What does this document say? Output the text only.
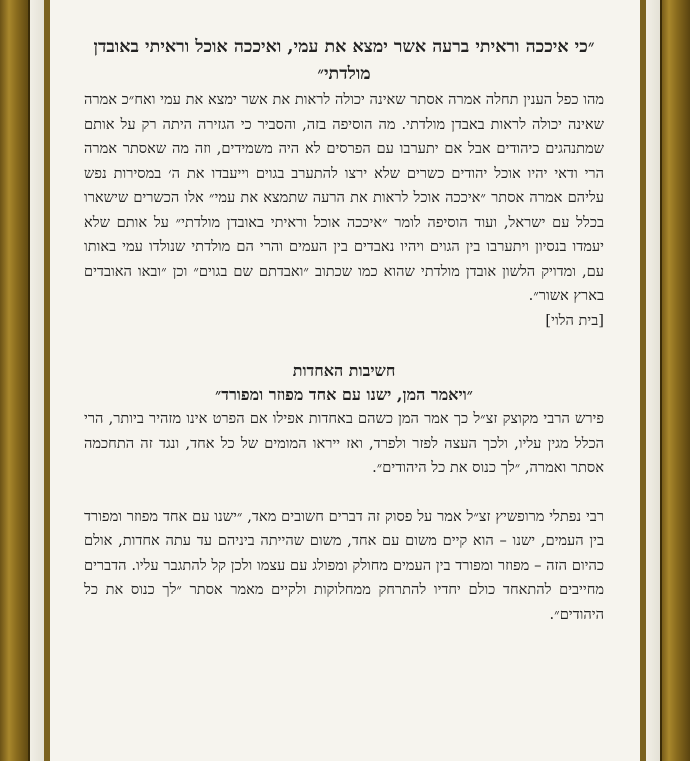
״כי איככה וראיתי ברעה אשר ימצא את עמי, ואיככה אוכל וראיתי באובדן מולדתי״

מהו כפל הענין תחלה אמרה אסתר שאינה יכולה לראות את אשר ימצא את עמי ואח״כ אמרה שאינה יכולה לראות באבדן מולדתי. מה הוסיפה בזה, והסביר כי הגזירה היתה רק על אותם שמתנהגים כיהודים אבל אם יתערבו עם הפרסים לא היה משמידים, וזה מה שאסתר אמרה הרי ודאי יהיו אוכל יהודים כשרים שלא ירצו להתערב בגוים וייעבדו את ה׳ במסירות נפש עליהם אמרה אסתר ״איככה אוכל לראות את הרעה שתמצא את עמי״ אלו הכשרים שישארו בכלל עם ישראל, ועוד הוסיפה לומר ״איככה אוכל וראיתי באובדן מולדתי״ על אותם שלא יעמדו בנסיון ויתערבו בין הגוים ויהיו נאבדים בין העמים והרי הם מולדתי שנולדו עמי באותו עם, ומדויק הלשון אובדן מולדתי שהוא כמו שכתוב ״ואבדתם שם בגוים״ וכן ״ובאו האובדים בארץ אשור״.

[בית הלוי]

חשיבות האחדות
״ויאמר המן, ישנו עם אחד מפוזר ומפורד״

פירש הרבי מקוצק זצ״ל כך אמר המן כשהם באחדות אפילו אם הפרט אינו מזהיר ביותר, הרי הכלל מגין עליו, ולכך העצה לפזר ולפרד, ואז ייראו המומים של כל אחד, ונגד זה התחכמה אסתר ואמרה, ״לך כנוס את כל היהודים״.

רבי נפתלי מרופשיץ זצ״ל אמר על פסוק זה דברים חשובים מאד, ״ישנו עם אחד מפוזר ומפורד בין העמים, ישנו – הוא קיים משום עם אחד, משום שהייתה ביניהם עד עתה אחדות, אולם כהיום הזה – מפוזר ומפורד בין העמים מחולק ומפולג עם עצמו ולכן קל להתגבר עליו. הדברים מחייבים להתאחד כולם יחדיו להתרחק ממחלוקות ולקיים מאמר אסתר ״לך כנוס את כל היהודים״.
